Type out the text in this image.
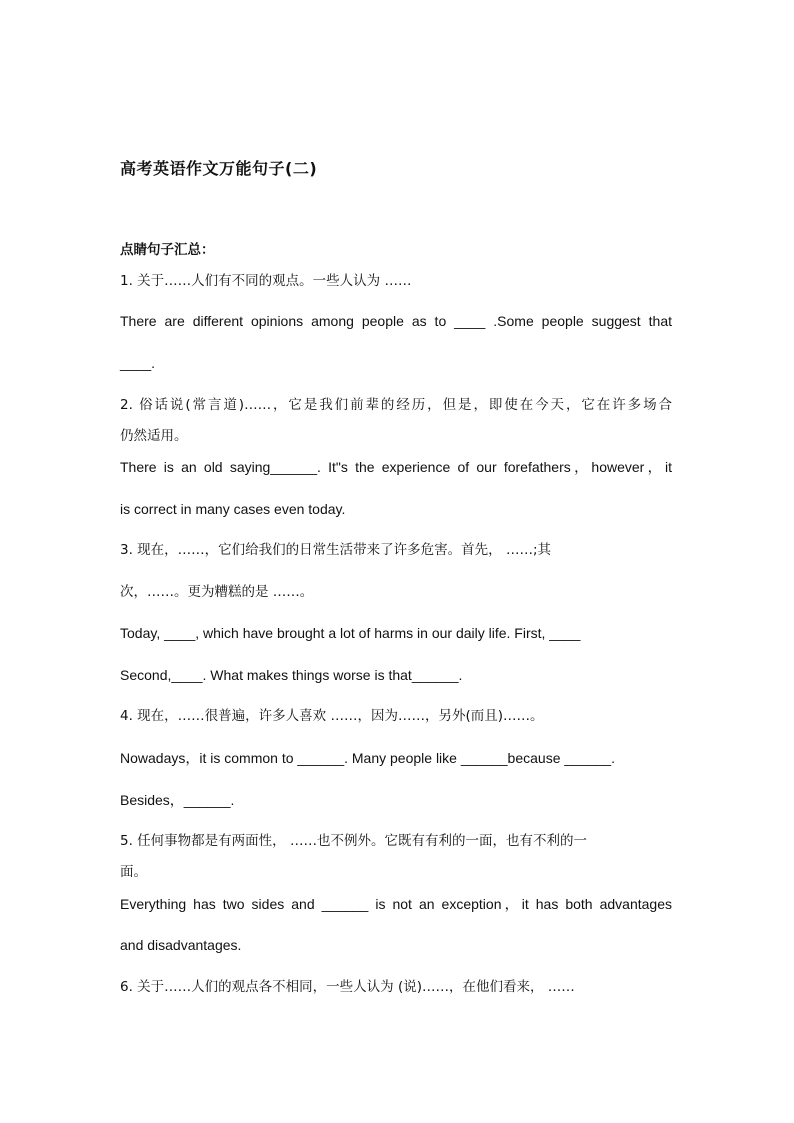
高考英语作文万能句子(二)
点睛句子汇总：
1. 关于……人们有不同的观点。一些人认为 ……
There are different opinions among people as to ____ .Some people suggest that
____.
2. 俗话说(常言道)……，它是我们前辈的经历，但是，即使在今天，它在许多场合
仍然适用。
There is an old saying______. It"s the experience of our forefathers，however，it
is correct in many cases even today.
3. 现在，……，它们给我们的日常生活带来了许多危害。首先， ……;其
次，……。更为糟糕的是 ……。
Today, ____, which have brought a lot of harms in our daily life. First, ____
Second,____. What makes things worse is that______.
4. 现在，……很普遍，许多人喜欢 ……，因为……，另外(而且)……。
Nowadays，it is common to ______. Many people like ______because ______.
Besides，______.
5. 任何事物都是有两面性， ……也不例外。它既有有利的一面，也有不利的一
面。
Everything has two sides and ______ is not an exception，it has both advantages
and disadvantages.
6. 关于……人们的观点各不相同，一些人认为 (说)……，在他们看来， ……
